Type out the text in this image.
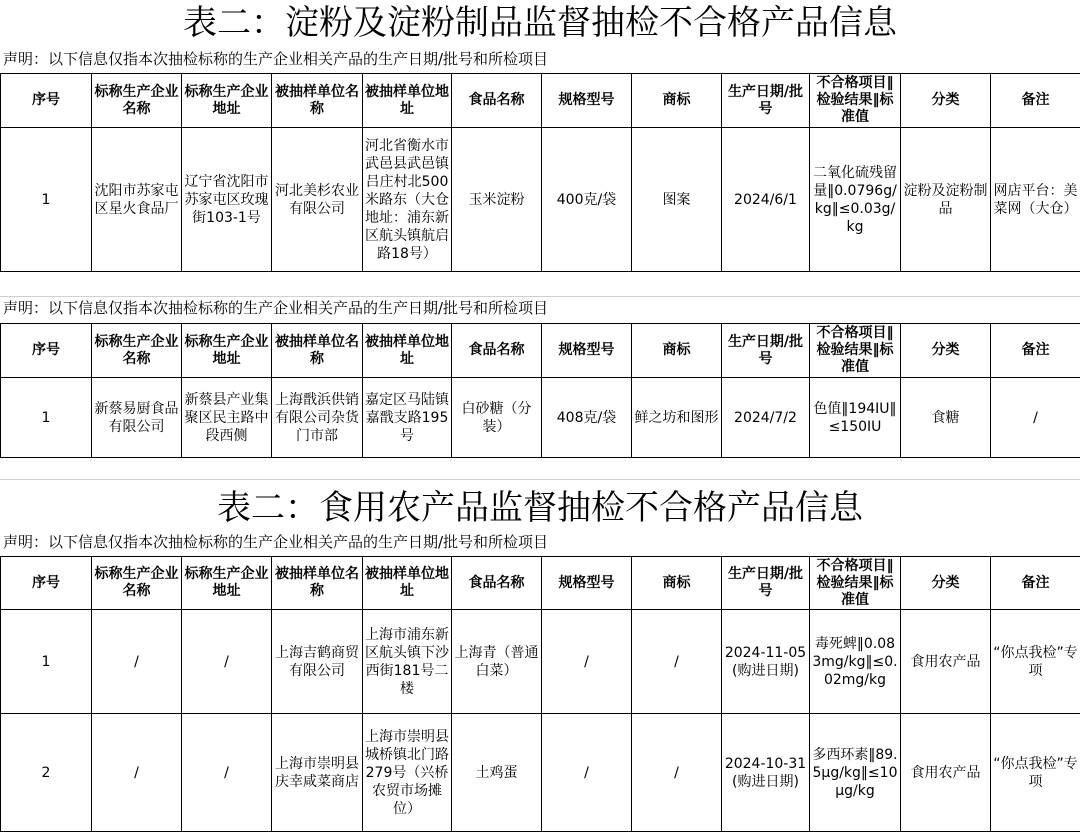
表二：淀粉及淀粉制品监督抽检不合格产品信息
声明：以下信息仅指本次抽检标称的生产企业相关产品的生产日期/批号和所检项目
序号	标称生产企业名称	标称生产企业地址	被抽样单位名称	被抽样单位地址	食品名称	规格型号	商标	生产日期/批号	不合格项目‖检验结果‖标准值	分类	备注
1	沈阳市苏家屯区星火食品厂	辽宁省沈阳市苏家屯区玫瑰街103-1号	河北美杉农业有限公司	河北省衡水市武邑县武邑镇吕庄村北500米路东（大仓地址：浦东新区航头镇航启路18号）	玉米淀粉	400克/袋	图案	2024/6/1	二氧化硫残留量‖0.0796g/kg‖≤0.03g/kg	淀粉及淀粉制品	网店平台：美菜网（大仓）
声明：以下信息仅指本次抽检标称的生产企业相关产品的生产日期/批号和所检项目
序号	标称生产企业名称	标称生产企业地址	被抽样单位名称	被抽样单位地址	食品名称	规格型号	商标	生产日期/批号	不合格项目‖检验结果‖标准值	分类	备注
1	新蔡易厨食品有限公司	新蔡县产业集聚区民主路中段西侧	上海戬浜供销有限公司杂货门市部	嘉定区马陆镇嘉戬支路195号	白砂糖（分装）	408克/袋	鲜之坊和图形	2024/7/2	色值‖194IU‖≤150IU	食糖	/
表二：食用农产品监督抽检不合格产品信息
声明：以下信息仅指本次抽检标称的生产企业相关产品的生产日期/批号和所检项目
序号	标称生产企业名称	标称生产企业地址	被抽样单位名称	被抽样单位地址	食品名称	规格型号	商标	生产日期/批号	不合格项目‖检验结果‖标准值	分类	备注
1	/	/	上海吉鹤商贸有限公司	上海市浦东新区航头镇下沙西街181号二楼	上海青（普通白菜）	/	/	2024-11-05(购进日期)	毒死蜱‖0.083mg/kg‖≤0.02mg/kg	食用农产品	“你点我检”专项
2	/	/	上海市崇明县庆幸咸菜商店	上海市崇明县城桥镇北门路279号（兴桥农贸市场摊位）	土鸡蛋	/	/	2024-10-31(购进日期)	多西环素‖89.5μg/kg‖≤10μg/kg	食用农产品	“你点我检”专项
